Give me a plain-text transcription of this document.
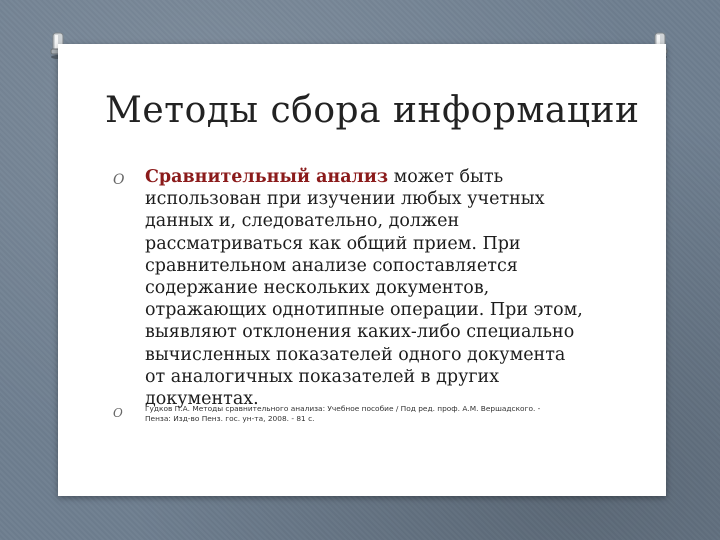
Методы сбора информации
O Сравнительный анализ может быть использован при изучении любых учетных данных и, следовательно, должен рассматриваться как общий прием. При сравнительном анализе сопоставляется содержание нескольких документов, отражающих однотипные операции. При этом, выявляют отклонения каких-либо специально вычисленных показателей одного документа от аналогичных показателей в других документах.
O	Гудков П.А. Методы сравнительного анализа: Учебное пособие / Под ред. проф. А.М. Вершадского. - Пенза: Изд-во Пенз. гос. ун-та, 2008. - 81 с.
